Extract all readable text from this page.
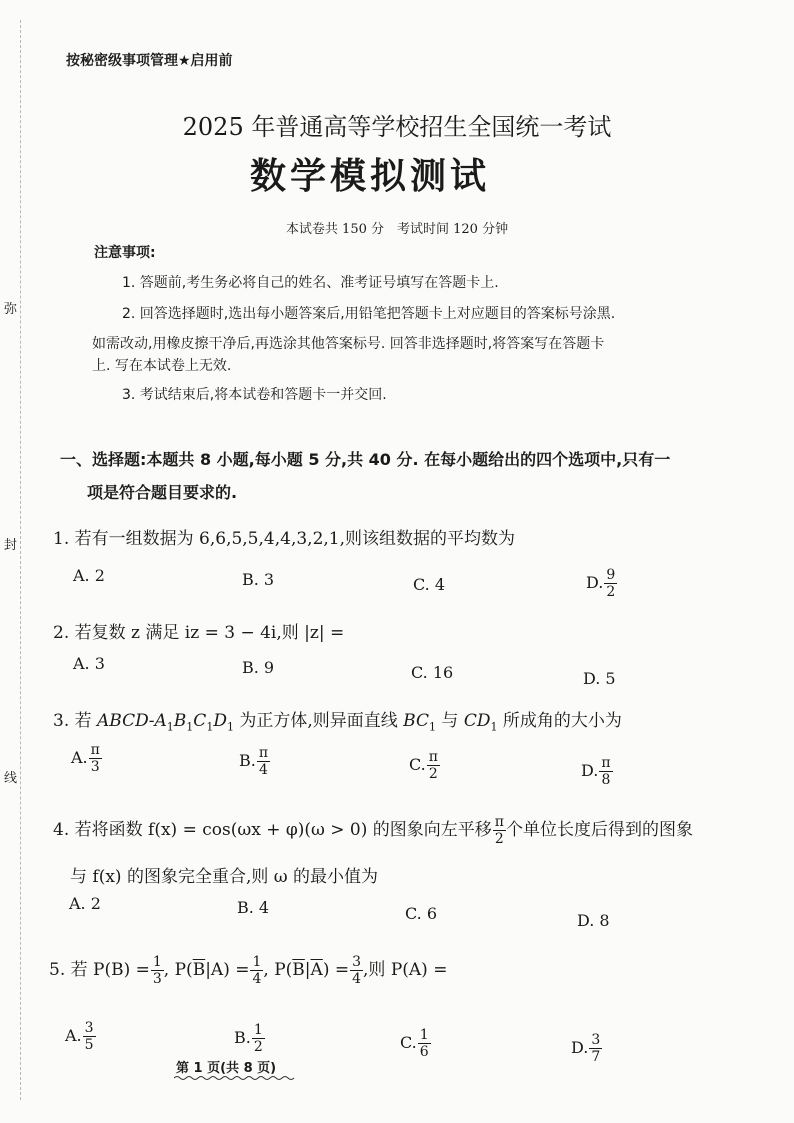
弥
封
线
按秘密级事项管理★启用前
2025 年普通高等学校招生全国统一考试
数学模拟测试
本试卷共 150 分　考试时间 120 分钟
注意事项:
1. 答题前,考生务必将自己的姓名、准考证号填写在答题卡上.
2. 回答选择题时,选出每小题答案后,用铅笔把答题卡上对应题目的答案标号涂黑.
如需改动,用橡皮擦干净后,再选涂其他答案标号. 回答非选择题时,将答案写在答题卡
上. 写在本试卷上无效.
3. 考试结束后,将本试卷和答题卡一并交回.
一、选择题:本题共 8 小题,每小题 5 分,共 40 分. 在每小题给出的四个选项中,只有一
项是符合题目要求的.
1. 若有一组数据为 6,6,5,5,4,4,3,2,1,则该组数据的平均数为
A. 2	B. 3	C. 4	D. $\frac{9}{2}$
2. 若复数 z 满足 iz = 3 − 4i,则 |z| =
A. 3	B. 9	C. 16	D. 5
3. 若 ABCD-$A_1B_1C_1D_1$ 为正方体,则异面直线 $BC_1$ 与 $CD_1$ 所成角的大小为
A. $\frac{\pi}{3}$	B. $\frac{\pi}{4}$	C. $\frac{\pi}{2}$	D. $\frac{\pi}{8}$
4. 若将函数 f(x) = cos(ωx + φ)(ω > 0) 的图象向左平移 $\frac{\pi}{2}$ 个单位长度后得到的图象
与 f(x) 的图象完全重合,则 ω 的最小值为
A. 2	B. 4	C. 6	D. 8
5. 若 $P(B) = \frac{1}{3}$ , $P(\overline{B}|A) = \frac{1}{4}$ , $P(\overline{B}|\overline{A}) = \frac{3}{4}$ ,则 P(A) =
A. $\frac{3}{5}$	B. $\frac{1}{2}$	C. $\frac{1}{6}$	D. $\frac{3}{7}$
第 1 页(共 8 页)
